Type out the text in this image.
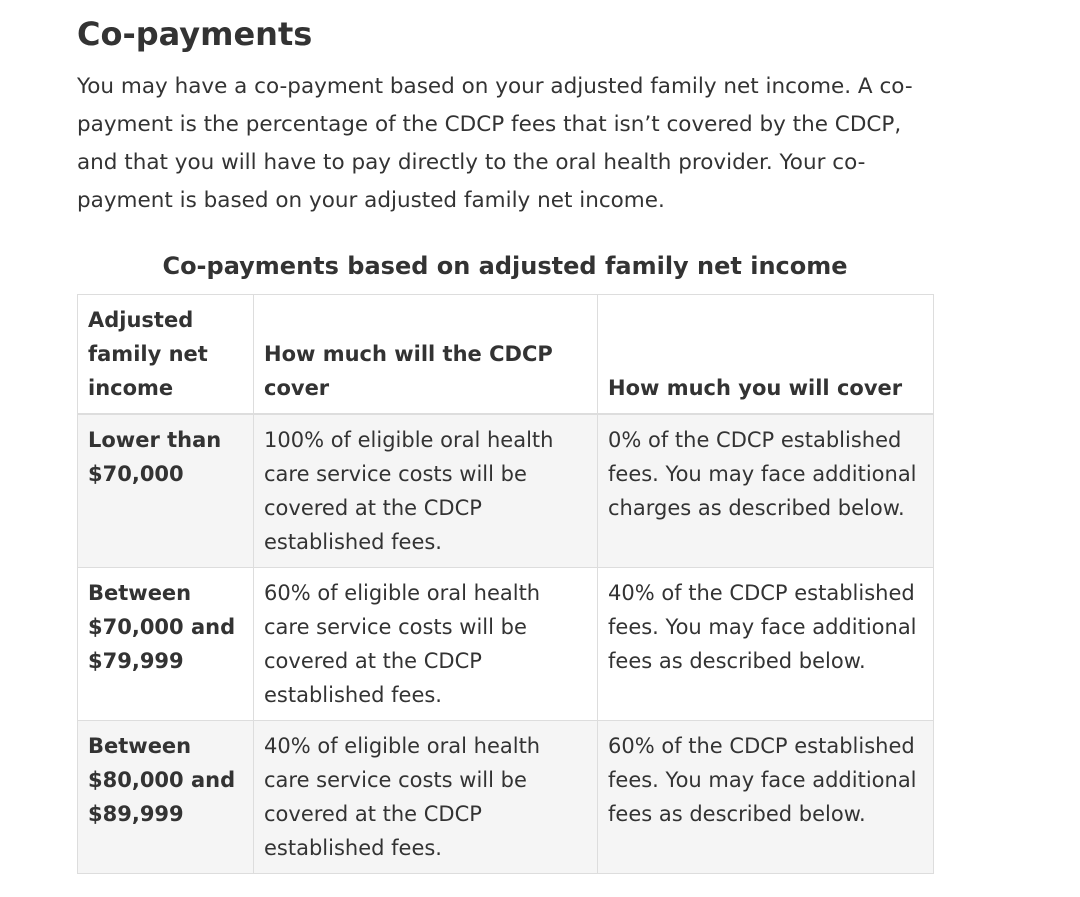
Co-payments

You may have a co-payment based on your adjusted family net income. A co-payment is the percentage of the CDCP fees that isn’t covered by the CDCP, and that you will have to pay directly to the oral health provider. Your co-payment is based on your adjusted family net income.

Co-payments based on adjusted family net income
Adjusted family net income	How much will the CDCP cover	How much you will cover
Lower than $70,000	100% of eligible oral health care service costs will be covered at the CDCP established fees.	0% of the CDCP established fees. You may face additional charges as described below.
Between $70,000 and $79,999	60% of eligible oral health care service costs will be covered at the CDCP established fees.	40% of the CDCP established fees. You may face additional fees as described below.
Between $80,000 and $89,999	40% of eligible oral health care service costs will be covered at the CDCP established fees.	60% of the CDCP established fees. You may face additional fees as described below.
